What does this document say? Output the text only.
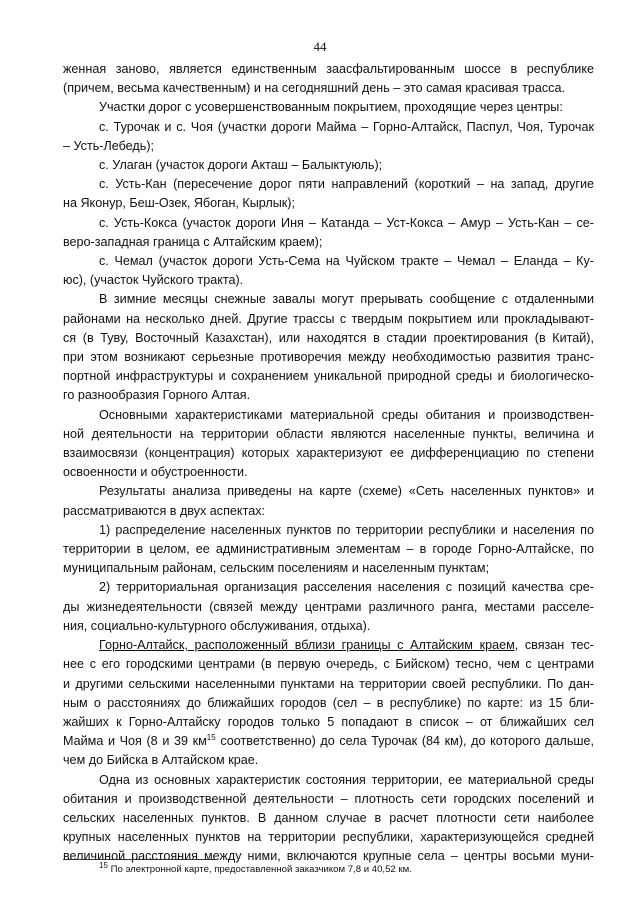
44
женная заново, является единственным заасфальтированным шоссе в республике
(причем, весьма качественным) и на сегодняшний день – это самая красивая трасса.
Участки дорог с усовершенствованным покрытием, проходящие через центры:
с. Турочак и с. Чоя (участки дороги Майма – Горно-Алтайск, Паспул, Чоя, Турочак
– Усть-Лебедь);
с. Улаган (участок дороги Акташ – Балыктуюль);
с. Усть-Кан (пересечение дорог пяти направлений (короткий – на запад, другие
на Яконур, Беш-Озек, Ябоган, Кырлык);
с. Усть-Кокса (участок дороги Иня – Катанда – Уст-Кокса – Амур – Усть-Кан – се-
веро-западная граница с Алтайским краем);
с. Чемал (участок дороги Усть-Сема на Чуйском тракте – Чемал – Еланда – Ку-
юс), (участок Чуйского тракта).
В зимние месяцы снежные завалы могут прерывать сообщение с отдаленными
районами на несколько дней. Другие трассы с твердым покрытием или прокладывают-
ся (в Туву, Восточный Казахстан), или находятся в стадии проектирования (в Китай),
при этом возникают серьезные противоречия между необходимостью развития транс-
портной инфраструктуры и сохранением уникальной природной среды и биологическо-
го разнообразия Горного Алтая.
Основными характеристиками материальной среды обитания и производствен-
ной деятельности на территории области являются населенные пункты, величина и
взаимосвязи (концентрация) которых характеризуют ее дифференциацию по степени
освоенности и обустроенности.
Результаты анализа приведены на карте (схеме) «Сеть населенных пунктов» и
рассматриваются в двух аспектах:
1) распределение населенных пунктов по территории республики и населения по
территории в целом, ее административным элементам – в городе Горно-Алтайске, по
муниципальным районам, сельским поселениям и населенным пунктам;
2) территориальная организация расселения населения с позиций качества сре-
ды жизнедеятельности (связей между центрами различного ранга, местами расселе-
ния, социально-культурного обслуживания, отдыха).
Горно-Алтайск, расположенный вблизи границы с Алтайским краем, связан тес-
нее с его городскими центрами (в первую очередь, с Бийском) тесно, чем с центрами
и другими сельскими населенными пунктами на территории своей республики. По дан-
ным о расстояниях до ближайших городов (сел – в республике) по карте: из 15 бли-
жайших к Горно-Алтайску городов только 5 попадают в список – от ближайших сел
Майма и Чоя (8 и 39 $км^{15}$ соответственно) до села Турочак (84 км), до которого дальше,
чем до Бийска в Алтайском крае.
Одна из основных характеристик состояния территории, ее материальной среды
обитания и производственной деятельности – плотность сети городских поселений и
сельских населенных пунктов. В данном случае в расчет плотности сети наиболее
крупных населенных пунктов на территории республики, характеризующейся средней
величиной расстояния между ними, включаются крупные села – центры восьми муни-
$^{15}$ По электронной карте, предоставленной заказчиком 7,8 и 40,52 км.
